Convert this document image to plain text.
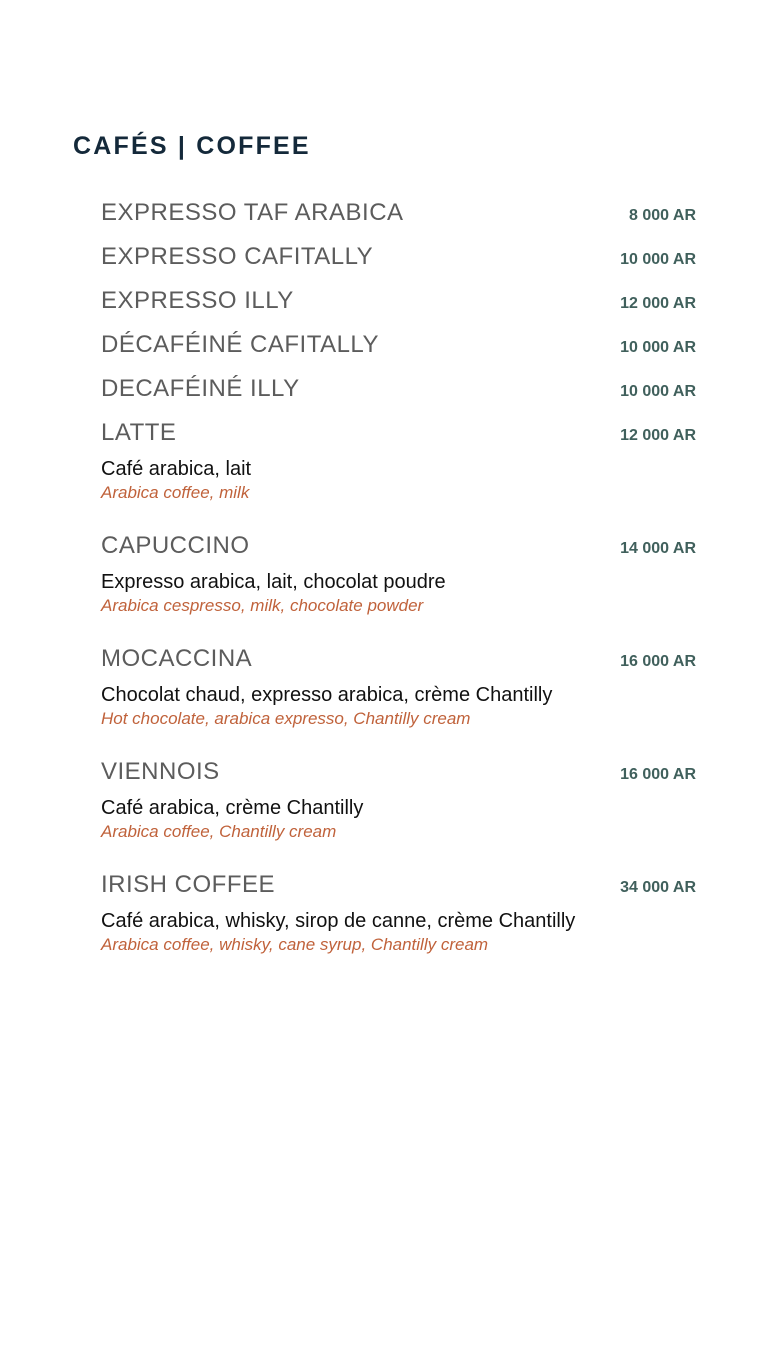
CAFÉS | COFFEE
EXPRESSO TAF ARABICA	8 000 AR
EXPRESSO CAFITALLY	10 000 AR
EXPRESSO ILLY	12 000 AR
DÉCAFÉINÉ CAFITALLY	10 000 AR
DECAFÉINÉ ILLY	10 000 AR
LATTE	12 000 AR
Café arabica, lait
Arabica coffee, milk
CAPUCCINO	14 000 AR
Expresso arabica, lait, chocolat poudre
Arabica cespresso, milk, chocolate powder
MOCACCINA	16 000 AR
Chocolat chaud, expresso arabica, crème Chantilly
Hot chocolate, arabica expresso, Chantilly cream
VIENNOIS	16 000 AR
Café arabica, crème Chantilly
Arabica coffee, Chantilly cream
IRISH COFFEE	34 000 AR
Café arabica, whisky, sirop de canne, crème Chantilly
Arabica coffee, whisky, cane syrup, Chantilly cream
